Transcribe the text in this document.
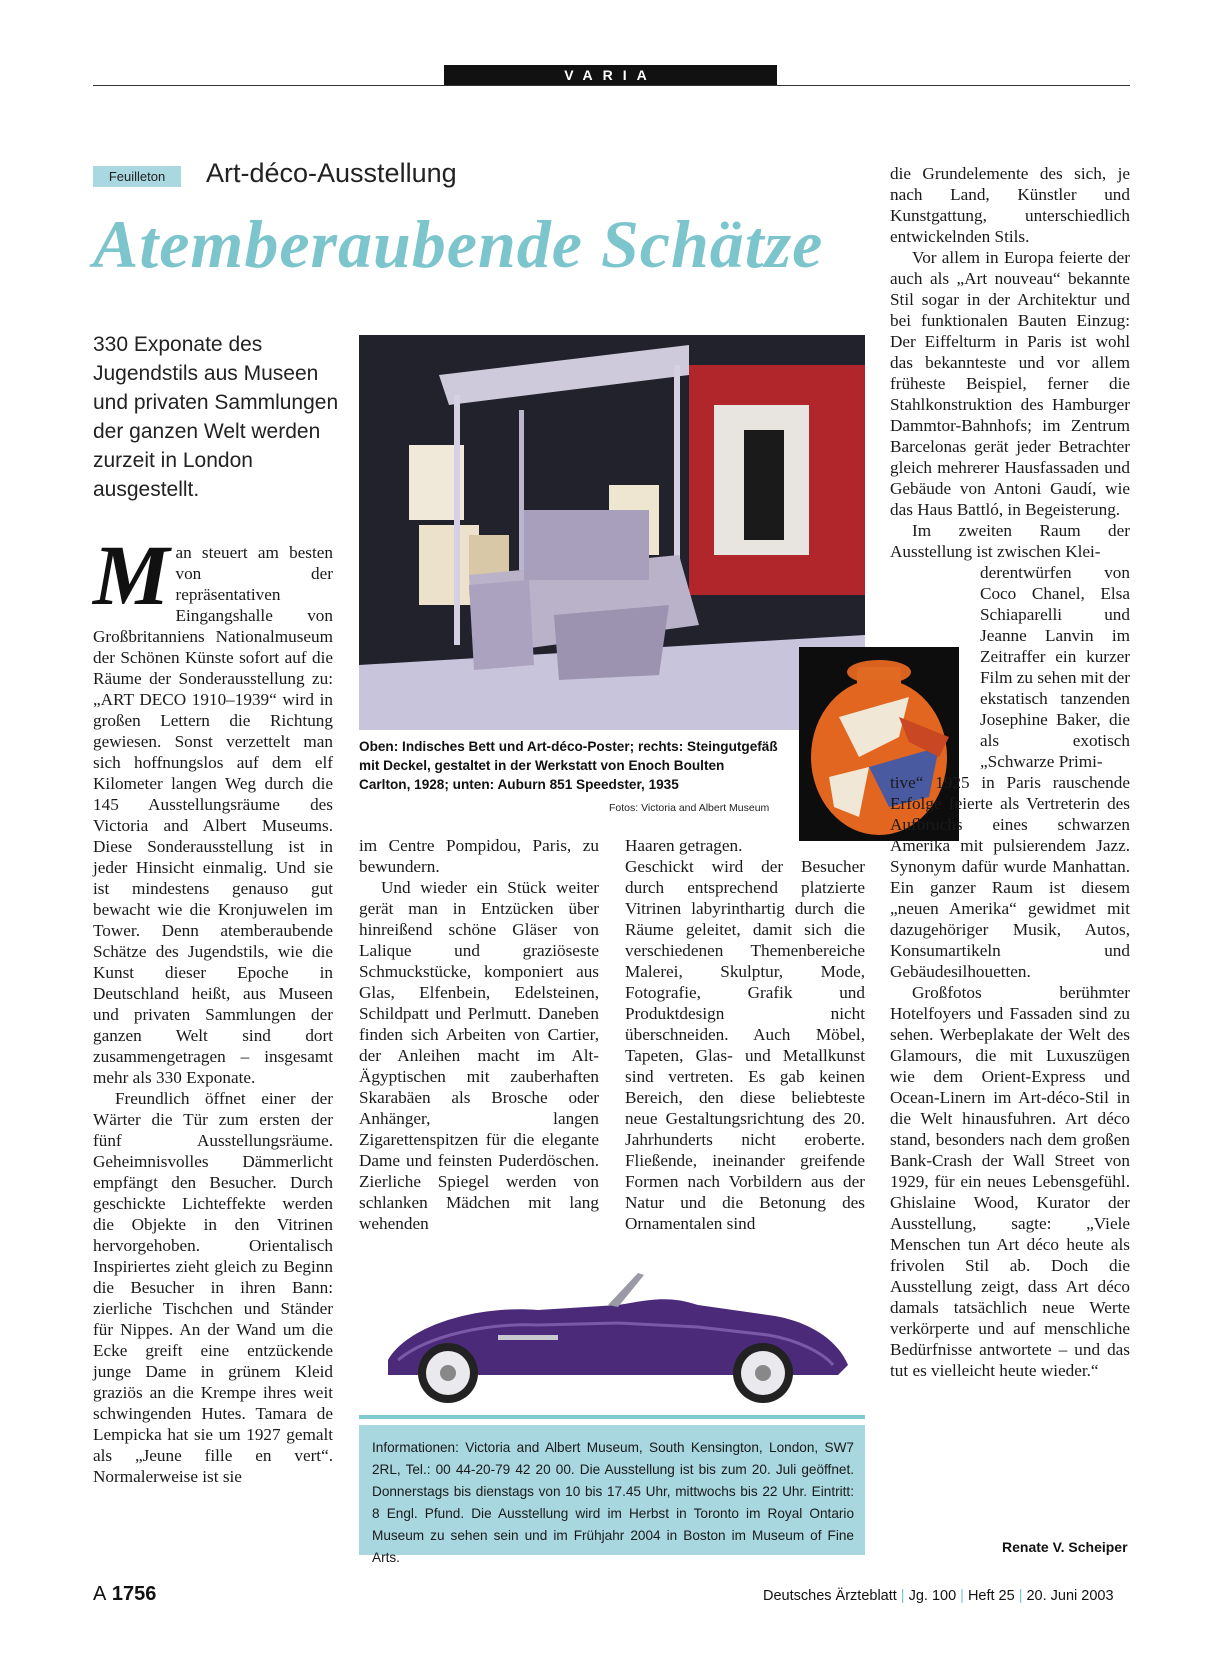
VARIA
Feuilleton	Art-déco-Ausstellung
Atemberaubende Schätze
330 Exponate des Jugendstils aus Museen und privaten Sammlungen der ganzen Welt werden zurzeit in London ausgestellt.
M an steuert am besten von der repräsentativen Eingangshalle von Großbritanniens Nationalmuseum der Schönen Künste sofort auf die Räume der Sonderausstellung zu: „ART DECO 1910–1939“ wird in großen Lettern die Richtung gewiesen. Sonst verzettelt man sich hoffnungslos auf dem elf Kilometer langen Weg durch die 145 Ausstellungsräume des Victoria and Albert Museums. Diese Sonderausstellung ist in jeder Hinsicht einmalig. Und sie ist mindestens genauso gut bewacht wie die Kronjuwelen im Tower. Denn atemberaubende Schätze des Jugendstils, wie die Kunst dieser Epoche in Deutschland heißt, aus Museen und privaten Sammlungen der ganzen Welt sind dort zusammengetragen – insgesamt mehr als 330 Exponate.

Freundlich öffnet einer der Wärter die Tür zum ersten der fünf Ausstellungsräume. Geheimnisvolles Dämmerlicht empfängt den Besucher. Durch geschickte Lichteffekte werden die Objekte in den Vitrinen hervorgehoben. Orientalisch Inspiriertes zieht gleich zu Beginn die Besucher in ihren Bann: zierliche Tischchen und Ständer für Nippes. An der Wand um die Ecke greift eine entzückende junge Dame in grünem Kleid graziös an die Krempe ihres weit schwingenden Hutes. Tamara de Lempicka hat sie um 1927 gemalt als „Jeune fille en vert“. Normalerweise ist sie

Oben: Indisches Bett und Art-déco-Poster; rechts: Steingutgefäß mit Deckel, gestaltet in der Werkstatt von Enoch Boulten Carlton, 1928; unten: Auburn 851 Speedster, 1935
Fotos: Victoria and Albert Museum

im Centre Pompidou, Paris, zu bewundern.

Und wieder ein Stück weiter gerät man in Entzücken über hinreißend schöne Gläser von Lalique und graziöseste Schmuckstücke, komponiert aus Glas, Elfenbein, Edelsteinen, Schildpatt und Perlmutt. Daneben finden sich Arbeiten von Cartier, der Anleihen macht im Alt-Ägyptischen mit zauberhaften Skarabäen als Brosche oder Anhänger, langen Zigarettenspitzen für die elegante Dame und feinsten Puderdöschen. Zierliche Spiegel werden von schlanken Mädchen mit lang wehenden

Haaren getragen.

Geschickt wird der Besucher durch entsprechend platzierte Vitrinen labyrinthartig durch die Räume geleitet, damit sich die verschiedenen Themenbereiche Malerei, Skulptur, Mode, Fotografie, Grafik und Produktdesign nicht überschneiden. Auch Möbel, Tapeten, Glas- und Metallkunst sind vertreten. Es gab keinen Bereich, den diese beliebteste neue Gestaltungsrichtung des 20. Jahrhunderts nicht eroberte. Fließende, ineinander greifende Formen nach Vorbildern aus der Natur und die Betonung des Ornamentalen sind

die Grundelemente des sich, je nach Land, Künstler und Kunstgattung, unterschiedlich entwickelnden Stils.

Vor allem in Europa feierte der auch als „Art nouveau“ bekannte Stil sogar in der Architektur und bei funktionalen Bauten Einzug: Der Eiffelturm in Paris ist wohl das bekannteste und vor allem früheste Beispiel, ferner die Stahlkonstruktion des Hamburger Dammtor-Bahnhofs; im Zentrum Barcelonas gerät jeder Betrachter gleich mehrerer Hausfassaden und Gebäude von Antoni Gaudí, wie das Haus Battló, in Begeisterung.

Im zweiten Raum der Ausstellung ist zwischen Klei-

derentwürfen von Coco Chanel, Elsa Schiaparelli und Jeanne Lanvin im Zeitraffer ein kurzer Film zu sehen mit der ekstatisch tanzenden Josephine Baker, die als exotisch „Schwarze Primi-

tive“ 1925 in Paris rauschende Erfolge feierte als Vertreterin des Aufbruchs eines schwarzen Amerika mit pulsierendem Jazz. Synonym dafür wurde Manhattan. Ein ganzer Raum ist diesem „neuen Amerika“ gewidmet mit dazugehöriger Musik, Autos, Konsumartikeln und Gebäudesilhouetten.

Großfotos berühmter Hotelfoyers und Fassaden sind zu sehen. Werbeplakate der Welt des Glamours, die mit Luxuszügen wie dem Orient-Express und Ocean-Linern im Art-déco-Stil in die Welt hinausfuhren. Art déco stand, besonders nach dem großen Bank-Crash der Wall Street von 1929, für ein neues Lebensgefühl. Ghislaine Wood, Kurator der Ausstellung, sagte: „Viele Menschen tun Art déco heute als frivolen Stil ab. Doch die Ausstellung zeigt, dass Art déco damals tatsächlich neue Werte verkörperte und auf menschliche Bedürfnisse antwortete – und das tut es vielleicht heute wieder.“

Renate V. Scheiper
Informationen: Victoria and Albert Museum, South Kensington, London, SW7 2RL, Tel.: 00 44-20-79 42 20 00. Die Ausstellung ist bis zum 20. Juli geöffnet. Donnerstags bis dienstags von 10 bis 17.45 Uhr, mittwochs bis 22 Uhr. Eintritt: 8 Engl. Pfund. Die Ausstellung wird im Herbst in Toronto im Royal Ontario Museum zu sehen sein und im Frühjahr 2004 in Boston im Museum of Fine Arts.
A 1756	Deutsches Ärzteblatt | Jg. 100 | Heft 25 | 20. Juni 2003
